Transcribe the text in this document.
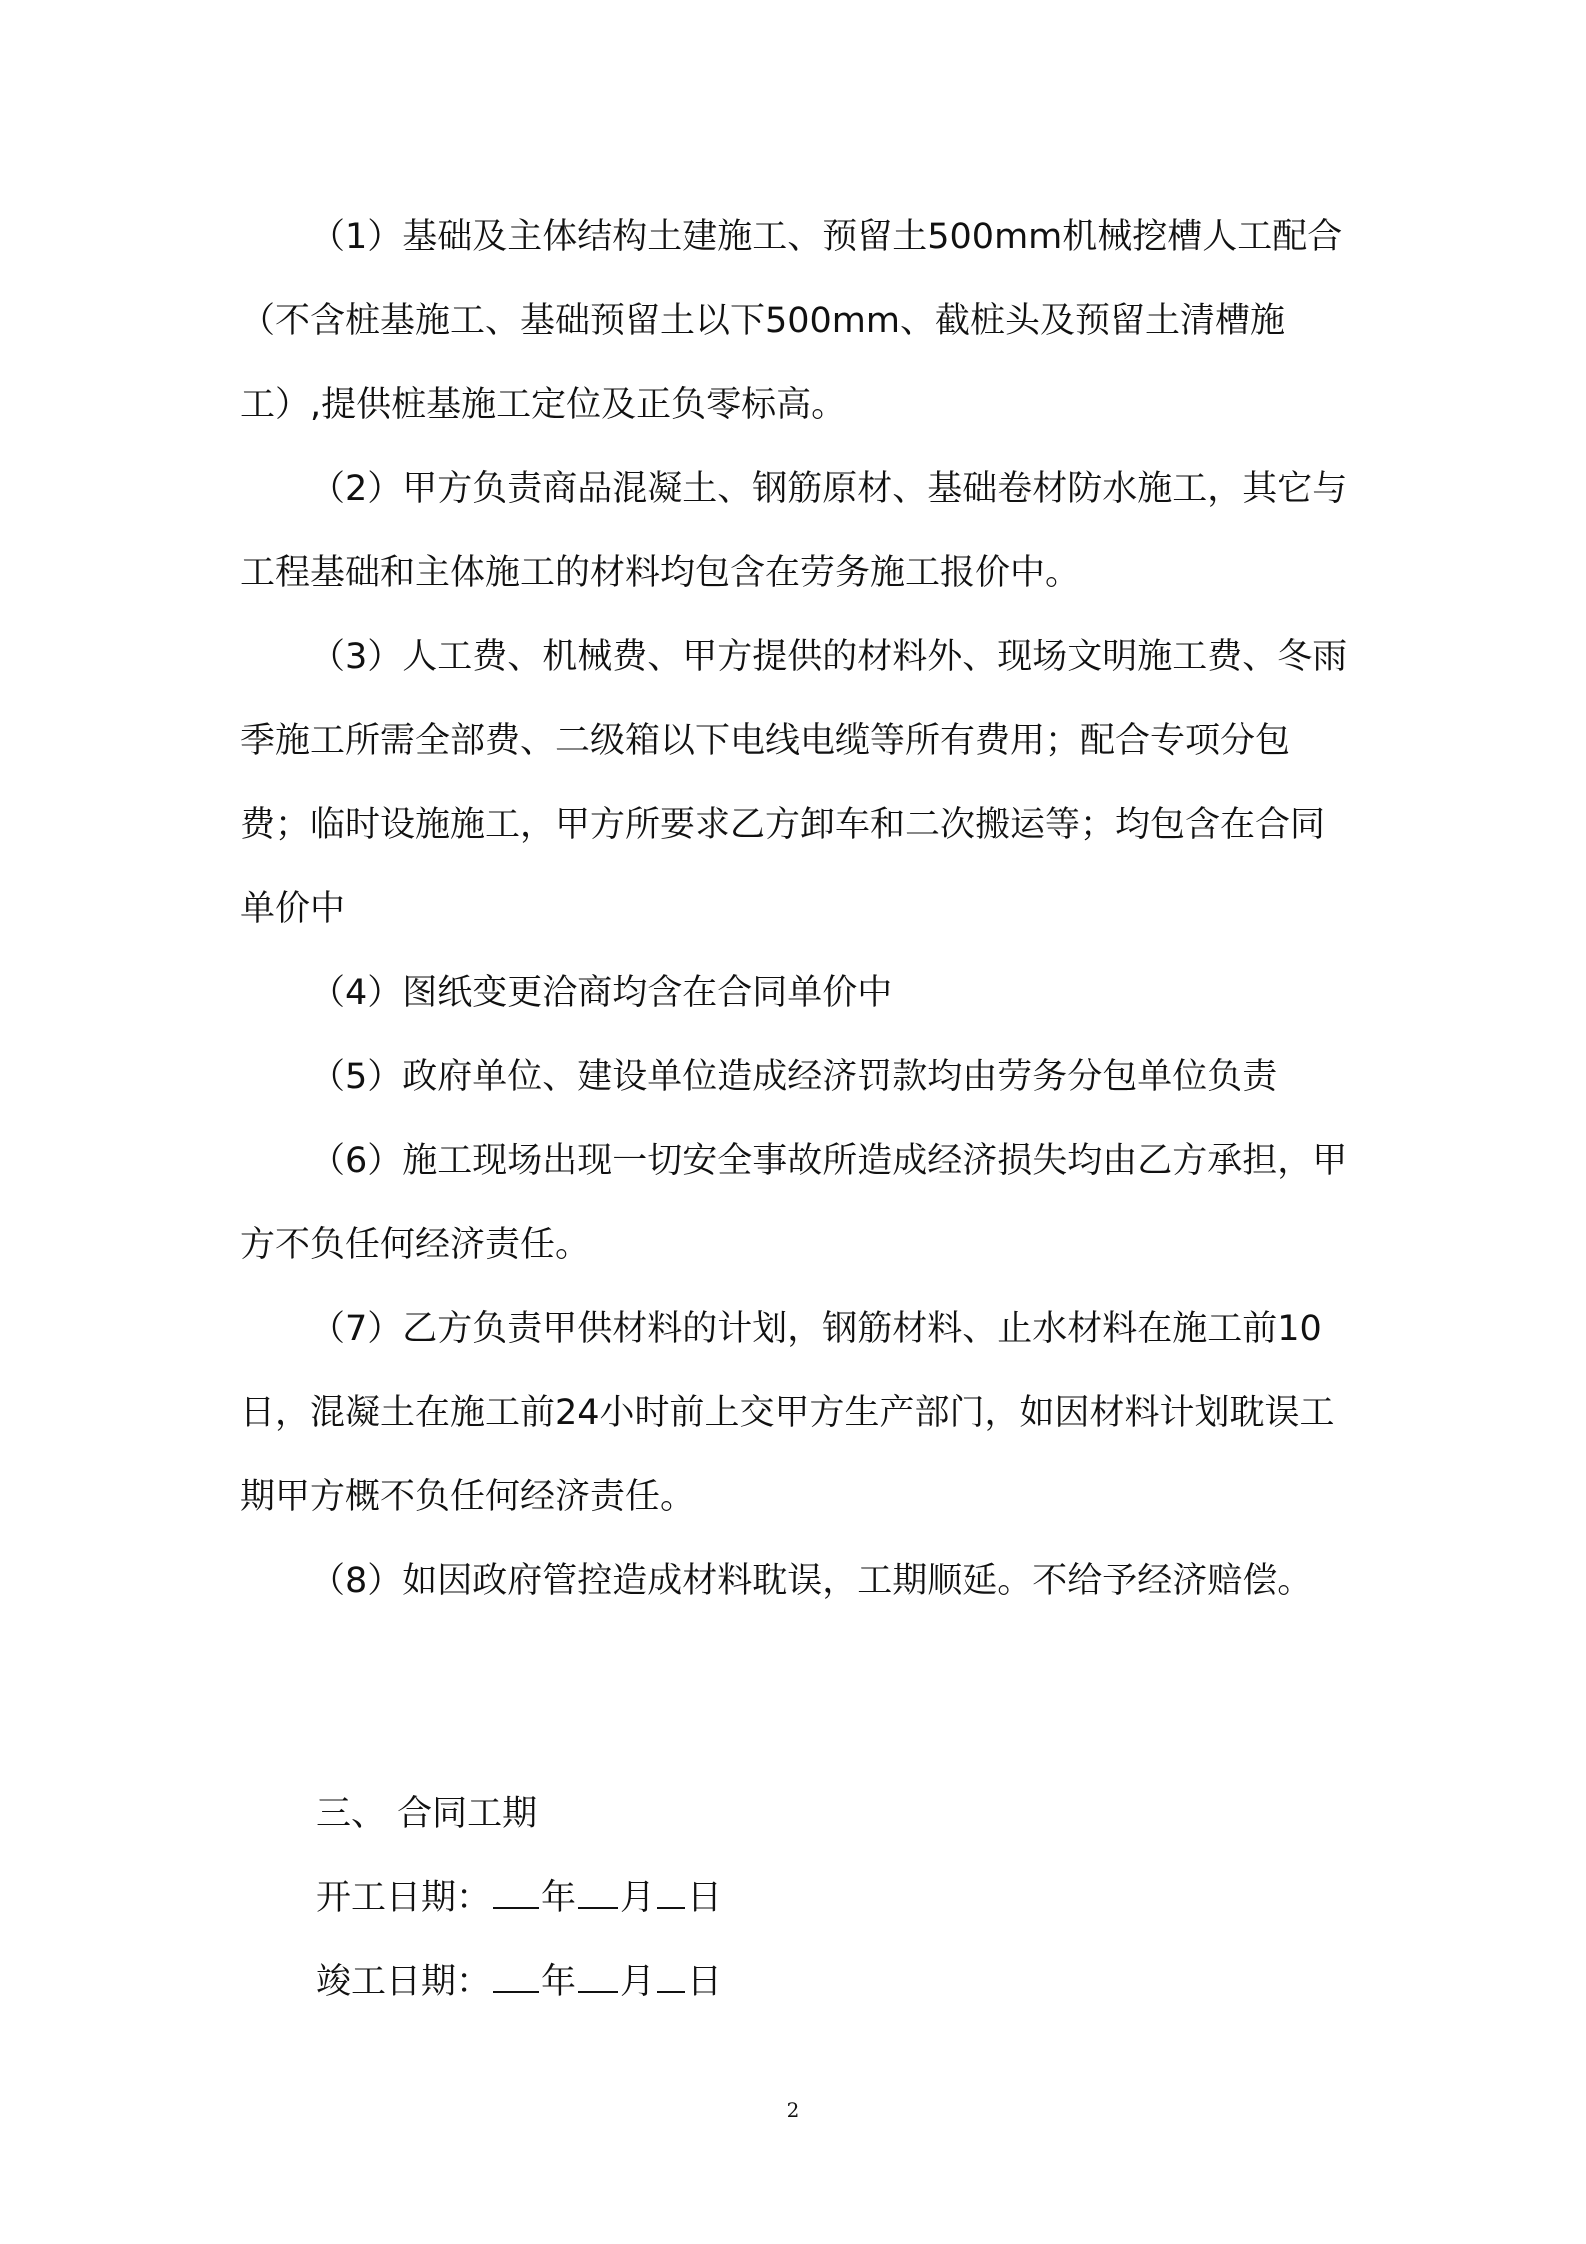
（1）基础及主体结构土建施工、预留土500mm机械挖槽人工配合（不含桩基施工、基础预留土以下500mm、截桩头及预留土清槽施工）,提供桩基施工定位及正负零标高。

（2）甲方负责商品混凝土、钢筋原材、基础卷材防水施工，其它与工程基础和主体施工的材料均包含在劳务施工报价中。

（3）人工费、机械费、甲方提供的材料外、现场文明施工费、冬雨季施工所需全部费、二级箱以下电线电缆等所有费用；配合专项分包费；临时设施施工，甲方所要求乙方卸车和二次搬运等；均包含在合同单价中

（4）图纸变更洽商均含在合同单价中

（5）政府单位、建设单位造成经济罚款均由劳务分包单位负责

（6）施工现场出现一切安全事故所造成经济损失均由乙方承担，甲方不负任何经济责任。

（7）乙方负责甲供材料的计划，钢筋材料、止水材料在施工前10日，混凝土在施工前24小时前上交甲方生产部门，如因材料计划耽误工期甲方概不负任何经济责任。

（8）如因政府管控造成材料耽误，工期顺延。不给予经济赔偿。

三、 合同工期

开工日期： 年 月 日

竣工日期： 年 月 日

2
